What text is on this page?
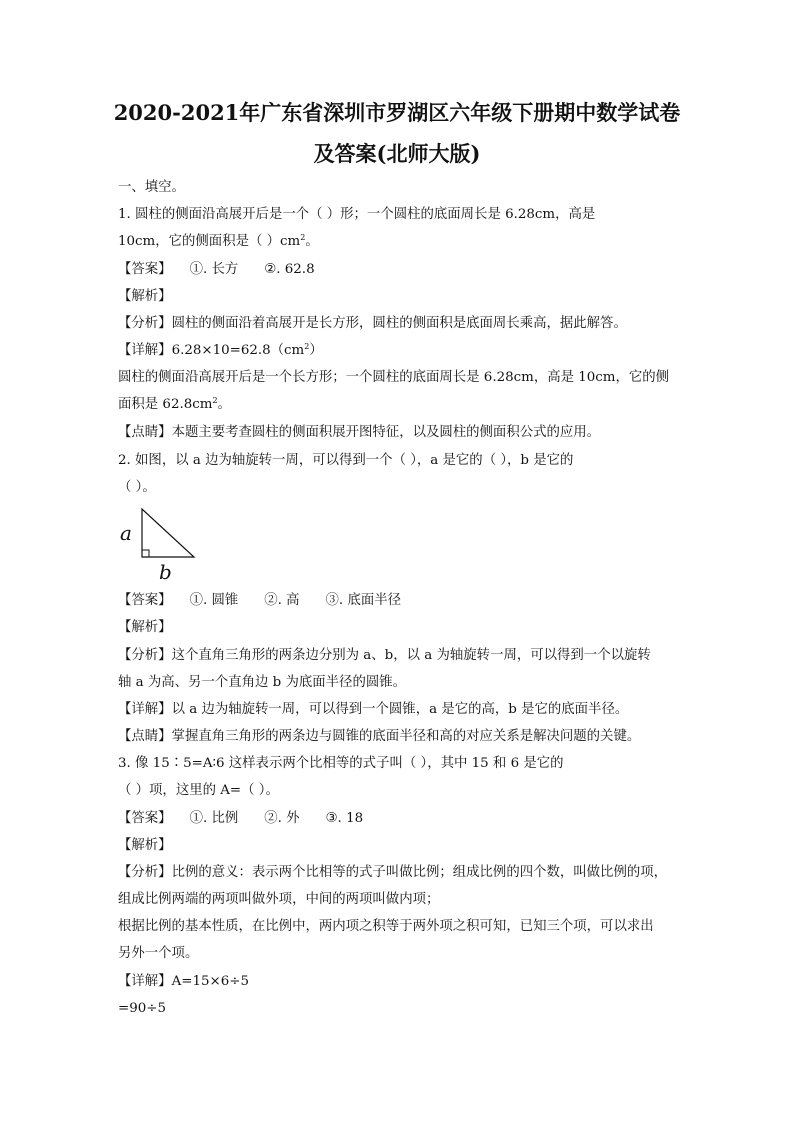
2020-2021年广东省深圳市罗湖区六年级下册期中数学试卷
及答案(北师大版)
一、填空。
1. 圆柱的侧面沿高展开后是一个（ ）形；一个圆柱的底面周长是 6.28cm，高是
10cm，它的侧面积是（ ）$cm^2$。
【答案】 ①. 长方 ②. 62.8
【解析】
【分析】圆柱的侧面沿着高展开是长方形，圆柱的侧面积是底面周长乘高，据此解答。
【详解】$6.28\times 10=62.8(cm^2)$
圆柱的侧面沿高展开后是一个长方形；一个圆柱的底面周长是 6.28cm，高是 10cm，它的侧
面积是 $62.8cm^2$。
【点睛】本题主要考查圆柱的侧面积展开图特征，以及圆柱的侧面积公式的应用。
2. 如图，以 a 边为轴旋转一周，可以得到一个（ ），a 是它的（ ），b 是它的
（ ）。
a
b
【答案】 ①. 圆锥 ②. 高 ③. 底面半径
【解析】
【分析】这个直角三角形的两条边分别为 a、b，以 a 为轴旋转一周，可以得到一个以旋转
轴 a 为高、另一个直角边 b 为底面半径的圆锥。
【详解】以 a 边为轴旋转一周，可以得到一个圆锥，a 是它的高，b 是它的底面半径。
【点睛】掌握直角三角形的两条边与圆锥的底面半径和高的对应关系是解决问题的关键。
3. 像 15∶5=A∶6 这样表示两个比相等的式子叫（ ），其中 15 和 6 是它的
（ ）项，这里的 A=（ ）。
【答案】 ①. 比例 ②. 外 ③. 18
【解析】
【分析】比例的意义：表示两个比相等的式子叫做比例；组成比例的四个数，叫做比例的项，
组成比例两端的两项叫做外项，中间的两项叫做内项；
根据比例的基本性质，在比例中，两内项之积等于两外项之积可知，已知三个项，可以求出
另外一个项。
【详解】A=15×6÷5
=90÷5
